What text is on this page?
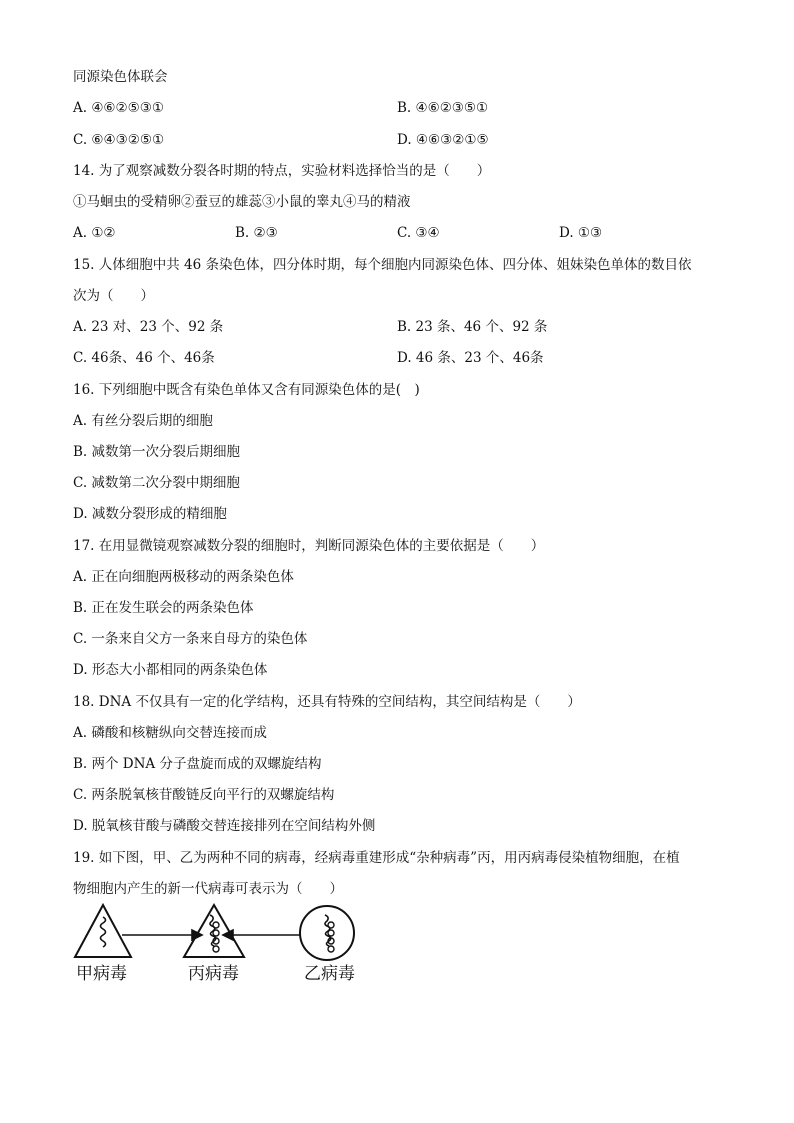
同源染色体联会
A. ④⑥②⑤③①	B. ④⑥②③⑤①
C. ⑥④③②⑤①	D. ④⑥③②①⑤
14. 为了观察减数分裂各时期的特点，实验材料选择恰当的是（　　）
①马蛔虫的受精卵②蚕豆的雄蕊③小鼠的睾丸④马的精液
A. ①②	B. ②③	C. ③④	D. ①③
15. 人体细胞中共 46 条染色体，四分体时期，每个细胞内同源染色体、四分体、姐妹染色单体的数目依
次为（　　）
A. 23 对、23 个、92 条	B. 23 条、46 个、92 条
C. 46条、46 个、46条	D. 46 条、23 个、46条
16. 下列细胞中既含有染色单体又含有同源染色体的是(　)
A. 有丝分裂后期的细胞
B. 减数第一次分裂后期细胞
C. 减数第二次分裂中期细胞
D. 减数分裂形成的精细胞
17. 在用显微镜观察减数分裂的细胞时，判断同源染色体的主要依据是（　　）
A. 正在向细胞两极移动的两条染色体
B. 正在发生联会的两条染色体
C. 一条来自父方一条来自母方的染色体
D. 形态大小都相同的两条染色体
18. DNA 不仅具有一定的化学结构，还具有特殊的空间结构，其空间结构是（　　）
A. 磷酸和核糖纵向交替连接而成
B. 两个 DNA 分子盘旋而成的双螺旋结构
C. 两条脱氧核苷酸链反向平行的双螺旋结构
D. 脱氧核苷酸与磷酸交替连接排列在空间结构外侧
19. 如下图，甲、乙为两种不同的病毒，经病毒重建形成“杂种病毒”丙，用丙病毒侵染植物细胞，在植
物细胞内产生的新一代病毒可表示为（　　）
甲病毒	丙病毒	乙病毒
